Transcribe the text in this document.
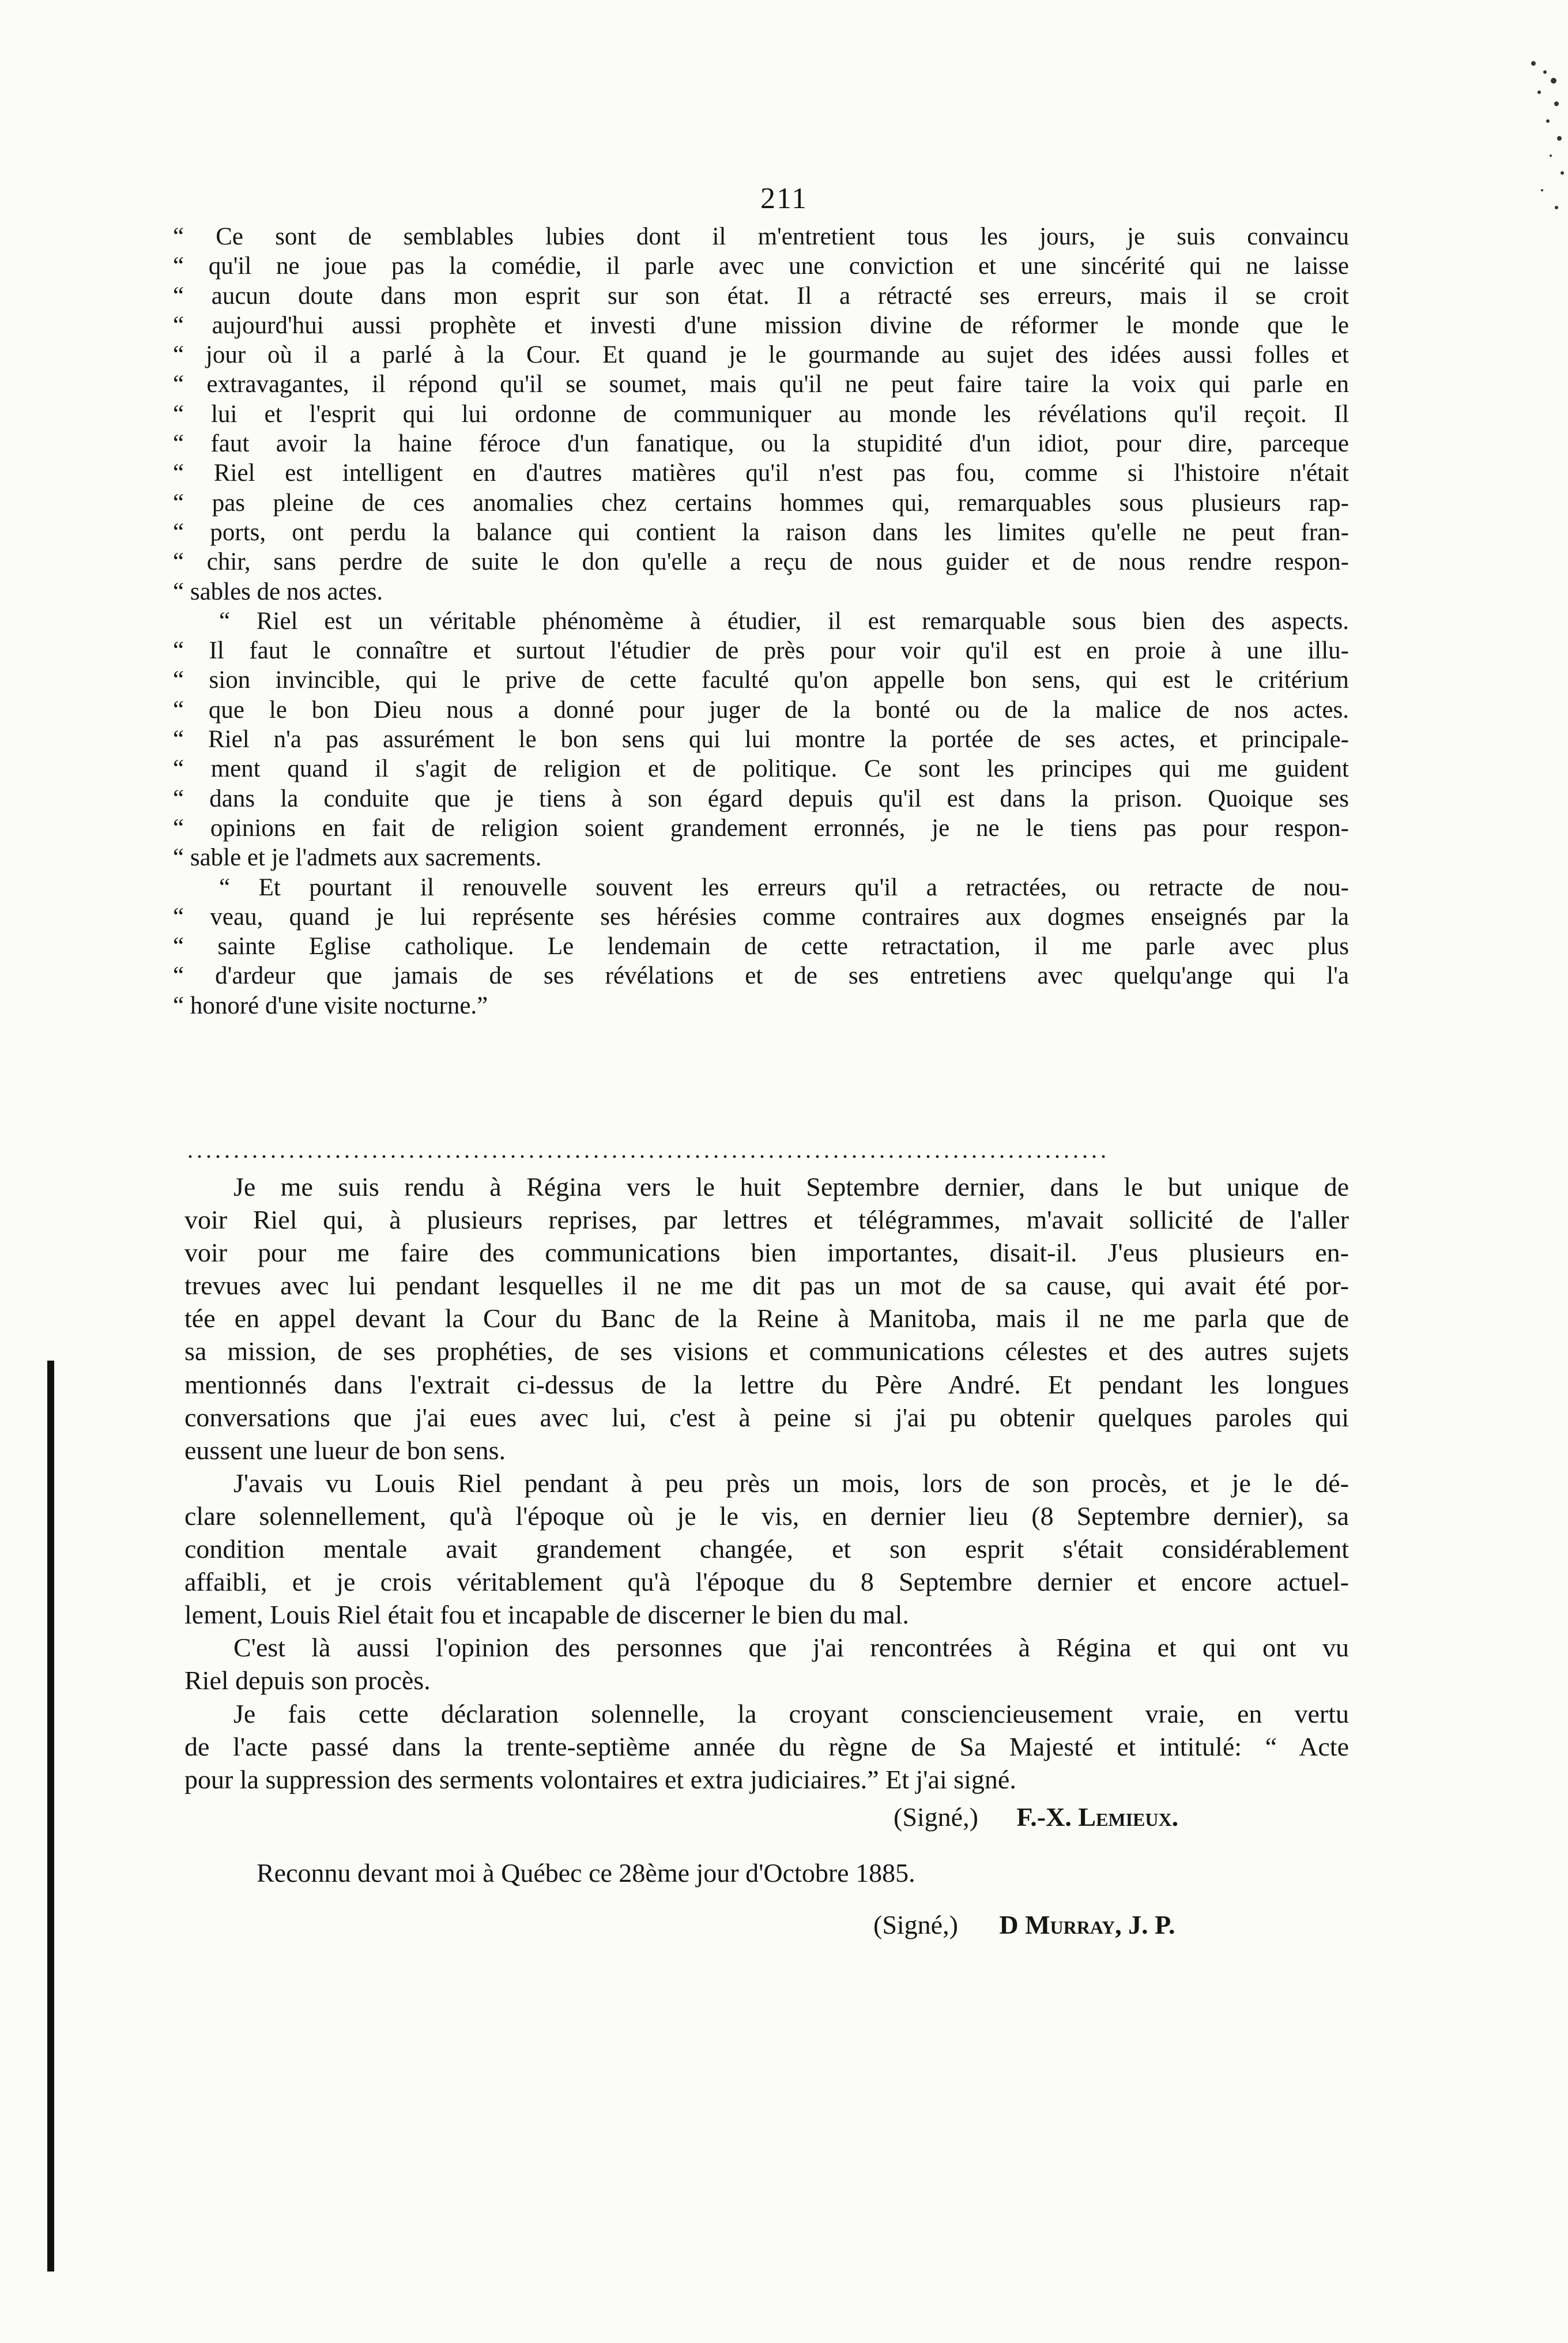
211
“ Ce sont de semblables lubies dont il m'entretient tous les jours, je suis convaincu
“ qu'il ne joue pas la comédie, il parle avec une conviction et une sincérité qui ne laisse
“ aucun doute dans mon esprit sur son état. Il a rétracté ses erreurs, mais il se croit
“ aujourd'hui aussi prophète et investi d'une mission divine de réformer le monde que le
“ jour où il a parlé à la Cour. Et quand je le gourmande au sujet des idées aussi folles et
“ extravagantes, il répond qu'il se soumet, mais qu'il ne peut faire taire la voix qui parle en
“ lui et l'esprit qui lui ordonne de communiquer au monde les révélations qu'il reçoit. Il
“ faut avoir la haine féroce d'un fanatique, ou la stupidité d'un idiot, pour dire, parceque
“ Riel est intelligent en d'autres matières qu'il n'est pas fou, comme si l'histoire n'était
“ pas pleine de ces anomalies chez certains hommes qui, remarquables sous plusieurs rap-
“ ports, ont perdu la balance qui contient la raison dans les limites qu'elle ne peut fran-
“ chir, sans perdre de suite le don qu'elle a reçu de nous guider et de nous rendre respon-
“ sables de nos actes.
“ Riel est un véritable phénomème à étudier, il est remarquable sous bien des aspects.
“ Il faut le connaître et surtout l'étudier de près pour voir qu'il est en proie à une illu-
“ sion invincible, qui le prive de cette faculté qu'on appelle bon sens, qui est le critérium
“ que le bon Dieu nous a donné pour juger de la bonté ou de la malice de nos actes.
“ Riel n'a pas assurément le bon sens qui lui montre la portée de ses actes, et principale-
“ ment quand il s'agit de religion et de politique. Ce sont les principes qui me guident
“ dans la conduite que je tiens à son égard depuis qu'il est dans la prison. Quoique ses
“ opinions en fait de religion soient grandement erronnés, je ne le tiens pas pour respon-
“ sable et je l'admets aux sacrements.
“ Et pourtant il renouvelle souvent les erreurs qu'il a retractées, ou retracte de nou-
“ veau, quand je lui représente ses hérésies comme contraires aux dogmes enseignés par la
“ sainte Eglise catholique. Le lendemain de cette retractation, il me parle avec plus
“ d'ardeur que jamais de ses révélations et de ses entretiens avec quelqu'ange qui l'a
“ honoré d'une visite nocturne.”
....................................................................................................
Je me suis rendu à Régina vers le huit Septembre dernier, dans le but unique de
voir Riel qui, à plusieurs reprises, par lettres et télégrammes, m'avait sollicité de l'aller
voir pour me faire des communications bien importantes, disait-il. J'eus plusieurs en-
trevues avec lui pendant lesquelles il ne me dit pas un mot de sa cause, qui avait été por-
tée en appel devant la Cour du Banc de la Reine à Manitoba, mais il ne me parla que de
sa mission, de ses prophéties, de ses visions et communications célestes et des autres sujets
mentionnés dans l'extrait ci-dessus de la lettre du Père André. Et pendant les longues
conversations que j'ai eues avec lui, c'est à peine si j'ai pu obtenir quelques paroles qui
eussent une lueur de bon sens.
J'avais vu Louis Riel pendant à peu près un mois, lors de son procès, et je le dé-
clare solennellement, qu'à l'époque où je le vis, en dernier lieu (8 Septembre dernier), sa
condition mentale avait grandement changée, et son esprit s'était considérablement
affaibli, et je crois véritablement qu'à l'époque du 8 Septembre dernier et encore actuel-
lement, Louis Riel était fou et incapable de discerner le bien du mal.
C'est là aussi l'opinion des personnes que j'ai rencontrées à Régina et qui ont vu
Riel depuis son procès.
Je fais cette déclaration solennelle, la croyant consciencieusement vraie, en vertu
de l'acte passé dans la trente-septième année du règne de Sa Majesté et intitulé: “ Acte
pour la suppression des serments volontaires et extra judiciaires.” Et j'ai signé.
(Signé,) F.-X. Lemieux.
Reconnu devant moi à Québec ce 28ème jour d'Octobre 1885.
(Signé,) D Murray, J. P.
